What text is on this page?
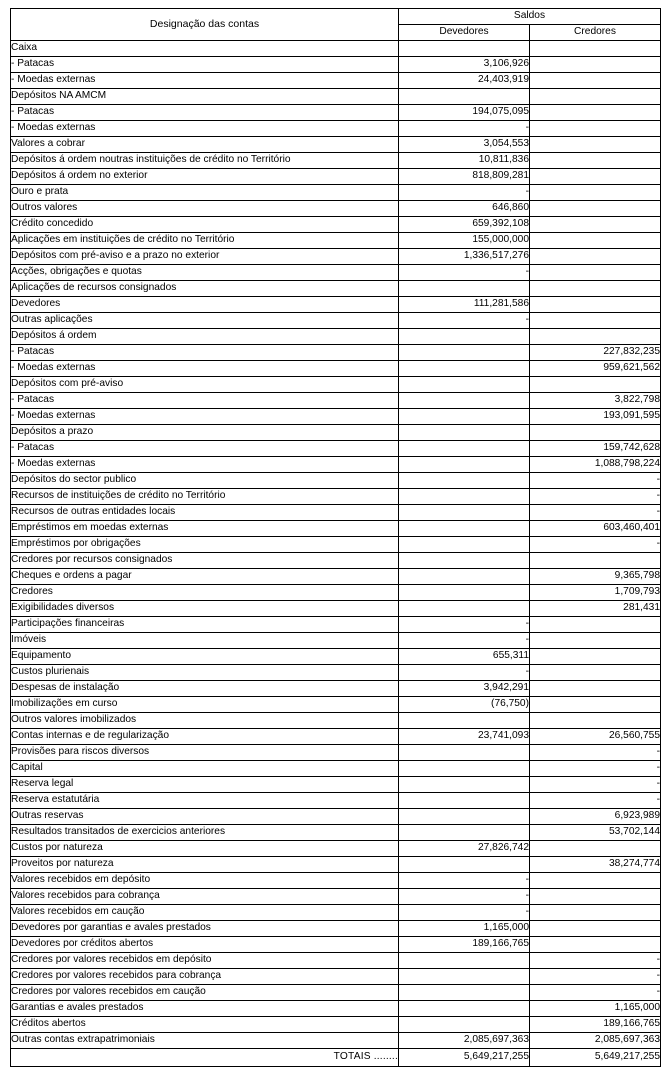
Designação das contas	Saldos	
	Devedores	Credores
Caixa		
- Patacas	3,106,926	
- Moedas externas	24,403,919	
Depósitos NA AMCM		
- Patacas	194,075,095	
- Moedas externas	-	
Valores a cobrar	3,054,553	
Depósitos á ordem noutras instituições de crédito no Território	10,811,836	
Depósitos á ordem no exterior	818,809,281	
Ouro e prata	-	
Outros valores	646,860	
Crédito concedido	659,392,108	
Aplicações em instituições de crédito no Território	155,000,000	
Depósitos com pré-aviso e a prazo no exterior	1,336,517,276	
Acções, obrigações e quotas	-	
Aplicações de recursos consignados		
Devedores	111,281,586	
Outras aplicações	-	
Depósitos á ordem		
- Patacas		227,832,235
- Moedas externas		959,621,562
Depósitos com pré-aviso		
- Patacas		3,822,798
- Moedas externas		193,091,595
Depósitos a prazo		
- Patacas		159,742,628
- Moedas externas		1,088,798,224
Depósitos do sector publico		-
Recursos de instituições de crédito no Território		-
Recursos de outras entidades locais		-
Empréstimos em moedas externas		603,460,401
Empréstimos por obrigações		-
Credores por recursos consignados		
Cheques e ordens a pagar		9,365,798
Credores		1,709,793
Exigibilidades diversos		281,431
Participações financeiras	-	
Imóveis	-	
Equipamento	655,311	
Custos plurienais	-	
Despesas de instalação	3,942,291	
Imobilizações em curso	(76,750)	
Outros valores imobilizados		
Contas internas e de regularização	23,741,093	26,560,755
Provisões para riscos diversos		-
Capital		-
Reserva legal		-
Reserva estatutária		-
Outras reservas		6,923,989
Resultados transitados de exercicios anteriores		53,702,144
Custos por natureza	27,826,742	
Proveitos por natureza		38,274,774
Valores recebidos em depósito	-	
Valores recebidos para cobrança	-	
Valores recebidos em caução	-	
Devedores por garantias e avales prestados	1,165,000	
Devedores por créditos abertos	189,166,765	
Credores por valores recebidos em depósito		-
Credores por valores recebidos para cobrança		-
Credores por valores recebidos em caução		-
Garantias e avales prestados		1,165,000
Créditos abertos		189,166,765
Outras contas extrapatrimoniais	2,085,697,363	2,085,697,363
TOTAIS ........	5,649,217,255	5,649,217,255
